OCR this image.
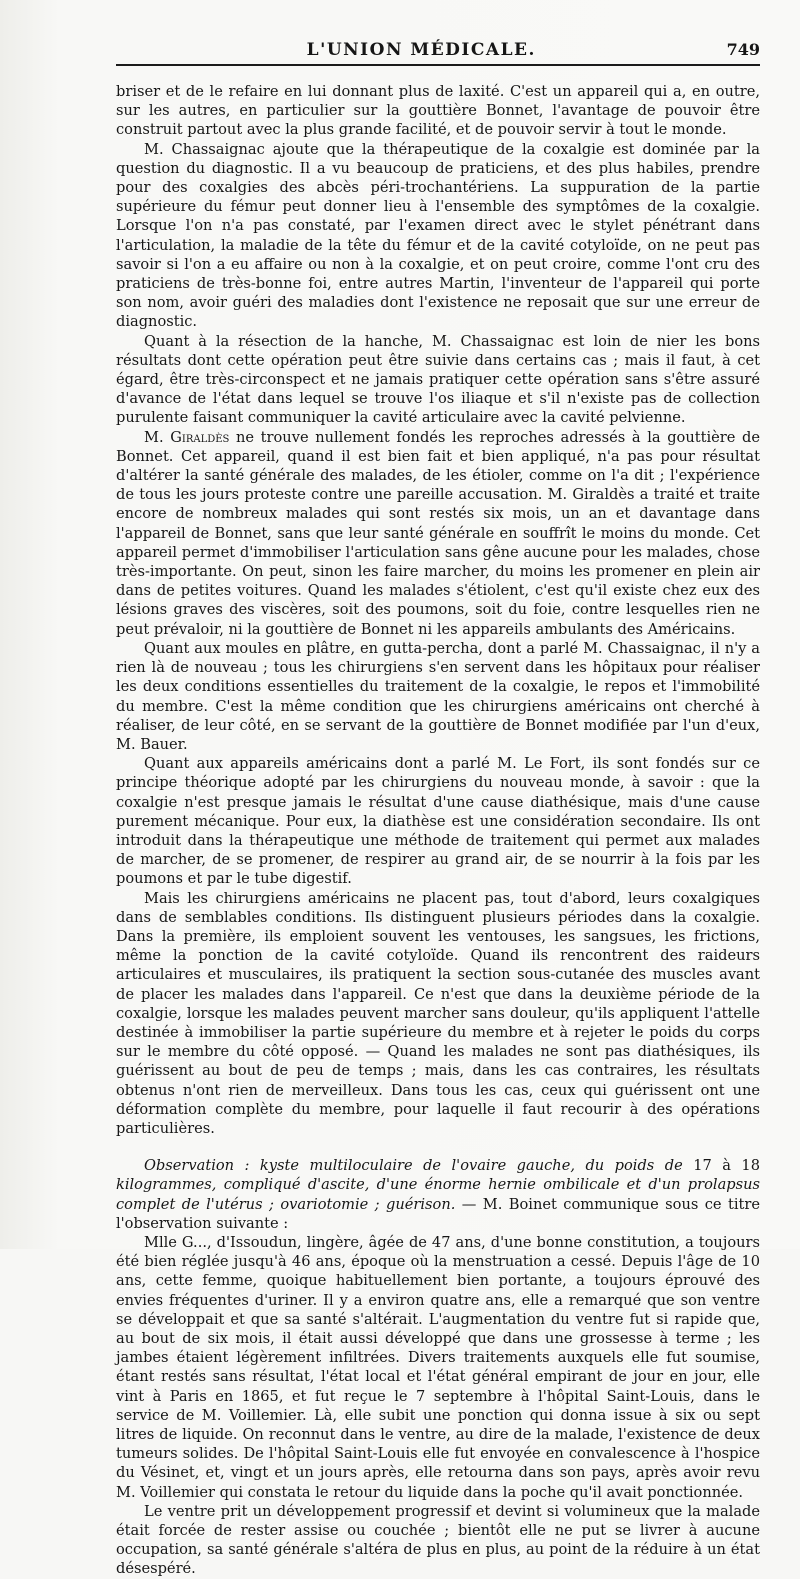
L'UNION MÉDICALE.	749

briser et de le refaire en lui donnant plus de laxité. C'est un appareil qui a, en outre, sur les autres, en particulier sur la gouttière Bonnet, l'avantage de pouvoir être construit partout avec la plus grande facilité, et de pouvoir servir à tout le monde.

M. Chassaignac ajoute que la thérapeutique de la coxalgie est dominée par la question du diagnostic. Il a vu beaucoup de praticiens, et des plus habiles, prendre pour des coxalgies des abcès péri-trochantériens. La suppuration de la partie supérieure du fémur peut donner lieu à l'ensemble des symptômes de la coxalgie. Lorsque l'on n'a pas constaté, par l'examen direct avec le stylet pénétrant dans l'articulation, la maladie de la tête du fémur et de la cavité cotyloïde, on ne peut pas savoir si l'on a eu affaire ou non à la coxalgie, et on peut croire, comme l'ont cru des praticiens de très-bonne foi, entre autres Martin, l'inventeur de l'appareil qui porte son nom, avoir guéri des maladies dont l'existence ne reposait que sur une erreur de diagnostic.

Quant à la résection de la hanche, M. Chassaignac est loin de nier les bons résultats dont cette opération peut être suivie dans certains cas ; mais il faut, à cet égard, être très-circonspect et ne jamais pratiquer cette opération sans s'être assuré d'avance de l'état dans lequel se trouve l'os iliaque et s'il n'existe pas de collection purulente faisant communiquer la cavité articulaire avec la cavité pelvienne.

M. Giraldès ne trouve nullement fondés les reproches adressés à la gouttière de Bonnet. Cet appareil, quand il est bien fait et bien appliqué, n'a pas pour résultat d'altérer la santé générale des malades, de les étioler, comme on l'a dit ; l'expérience de tous les jours proteste contre une pareille accusation. M. Giraldès a traité et traite encore de nombreux malades qui sont restés six mois, un an et davantage dans l'appareil de Bonnet, sans que leur santé générale en souffrît le moins du monde. Cet appareil permet d'immobiliser l'articulation sans gêne aucune pour les malades, chose très-importante. On peut, sinon les faire marcher, du moins les promener en plein air dans de petites voitures. Quand les malades s'étiolent, c'est qu'il existe chez eux des lésions graves des viscères, soit des poumons, soit du foie, contre lesquelles rien ne peut prévaloir, ni la gouttière de Bonnet ni les appareils ambulants des Américains.

Quant aux moules en plâtre, en gutta-percha, dont a parlé M. Chassaignac, il n'y a rien là de nouveau ; tous les chirurgiens s'en servent dans les hôpitaux pour réaliser les deux conditions essentielles du traitement de la coxalgie, le repos et l'immobilité du membre. C'est la même condition que les chirurgiens américains ont cherché à réaliser, de leur côté, en se servant de la gouttière de Bonnet modifiée par l'un d'eux, M. Bauer.

Quant aux appareils américains dont a parlé M. Le Fort, ils sont fondés sur ce principe théorique adopté par les chirurgiens du nouveau monde, à savoir : que la coxalgie n'est presque jamais le résultat d'une cause diathésique, mais d'une cause purement mécanique. Pour eux, la diathèse est une considération secondaire. Ils ont introduit dans la thérapeutique une méthode de traitement qui permet aux malades de marcher, de se promener, de respirer au grand air, de se nourrir à la fois par les poumons et par le tube digestif.

Mais les chirurgiens américains ne placent pas, tout d'abord, leurs coxalgiques dans de semblables conditions. Ils distinguent plusieurs périodes dans la coxalgie. Dans la première, ils emploient souvent les ventouses, les sangsues, les frictions, même la ponction de la cavité cotyloïde. Quand ils rencontrent des raideurs articulaires et musculaires, ils pratiquent la section sous-cutanée des muscles avant de placer les malades dans l'appareil. Ce n'est que dans la deuxième période de la coxalgie, lorsque les malades peuvent marcher sans douleur, qu'ils appliquent l'attelle destinée à immobiliser la partie supérieure du membre et à rejeter le poids du corps sur le membre du côté opposé. — Quand les malades ne sont pas diathésiques, ils guérissent au bout de peu de temps ; mais, dans les cas contraires, les résultats obtenus n'ont rien de merveilleux. Dans tous les cas, ceux qui guérissent ont une déformation complète du membre, pour laquelle il faut recourir à des opérations particulières.

Observation : kyste multiloculaire de l'ovaire gauche, du poids de 17 à 18 kilogrammes, compliqué d'ascite, d'une énorme hernie ombilicale et d'un prolapsus complet de l'utérus ; ovariotomie ; guérison. — M. Boinet communique sous ce titre l'observation suivante :

Mlle G..., d'Issoudun, lingère, âgée de 47 ans, d'une bonne constitution, a toujours été bien réglée jusqu'à 46 ans, époque où la menstruation a cessé. Depuis l'âge de 10 ans, cette femme, quoique habituellement bien portante, a toujours éprouvé des envies fréquentes d'uriner. Il y a environ quatre ans, elle a remarqué que son ventre se développait et que sa santé s'altérait. L'augmentation du ventre fut si rapide que, au bout de six mois, il était aussi développé que dans une grossesse à terme ; les jambes étaient légèrement infiltrées. Divers traitements auxquels elle fut soumise, étant restés sans résultat, l'état local et l'état général empirant de jour en jour, elle vint à Paris en 1865, et fut reçue le 7 septembre à l'hôpital Saint-Louis, dans le service de M. Voillemier. Là, elle subit une ponction qui donna issue à six ou sept litres de liquide. On reconnut dans le ventre, au dire de la malade, l'existence de deux tumeurs solides. De l'hôpital Saint-Louis elle fut envoyée en convalescence à l'hospice du Vésinet, et, vingt et un jours après, elle retourna dans son pays, après avoir revu M. Voillemier qui constata le retour du liquide dans la poche qu'il avait ponctionnée.

Le ventre prit un développement progressif et devint si volumineux que la malade était forcée de rester assise ou couchée ; bientôt elle ne put se livrer à aucune occupation, sa santé générale s'altéra de plus en plus, au point de la réduire à un état désespéré.
